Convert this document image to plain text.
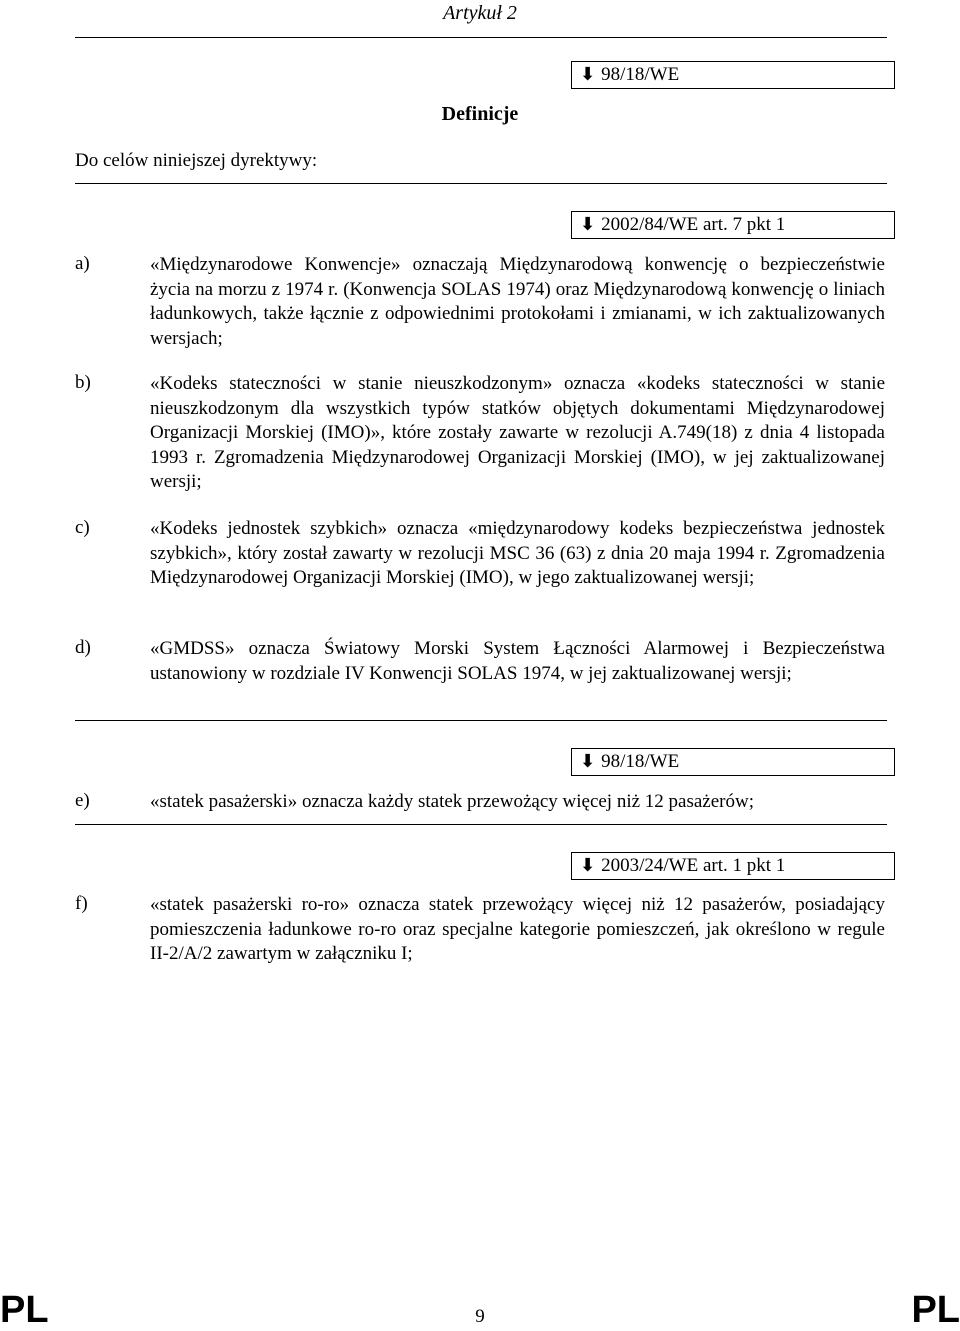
Artykuł 2
⬇ 98/18/WE
Definicje
Do celów niniejszej dyrektywy:
⬇ 2002/84/WE art. 7 pkt 1
a)	«Międzynarodowe Konwencje» oznaczają Międzynarodową konwencję o bezpieczeństwie życia na morzu z 1974 r. (Konwencja SOLAS 1974) oraz Międzynarodową konwencję o liniach ładunkowych, także łącznie z odpowiednimi protokołami i zmianami, w ich zaktualizowanych wersjach;
b)	«Kodeks stateczności w stanie nieuszkodzonym» oznacza «kodeks stateczności w stanie nieuszkodzonym dla wszystkich typów statków objętych dokumentami Międzynarodowej Organizacji Morskiej (IMO)», które zostały zawarte w rezolucji A.749(18) z dnia 4 listopada 1993 r. Zgromadzenia Międzynarodowej Organizacji Morskiej (IMO), w jej zaktualizowanej wersji;
c)	«Kodeks jednostek szybkich» oznacza «międzynarodowy kodeks bezpieczeństwa jednostek szybkich», który został zawarty w rezolucji MSC 36 (63) z dnia 20 maja 1994 r. Zgromadzenia Międzynarodowej Organizacji Morskiej (IMO), w jego zaktualizowanej wersji;
d)	«GMDSS» oznacza Światowy Morski System Łączności Alarmowej i Bezpieczeństwa ustanowiony w rozdziale IV Konwencji SOLAS 1974, w jej zaktualizowanej wersji;
⬇ 98/18/WE
e)	«statek pasażerski» oznacza każdy statek przewożący więcej niż 12 pasażerów;
⬇ 2003/24/WE art. 1 pkt 1
f)	«statek pasażerski ro-ro» oznacza statek przewożący więcej niż 12 pasażerów, posiadający pomieszczenia ładunkowe ro-ro oraz specjalne kategorie pomieszczeń, jak określono w regule II-2/A/2 zawartym w załączniku I;
PL	9	PL
